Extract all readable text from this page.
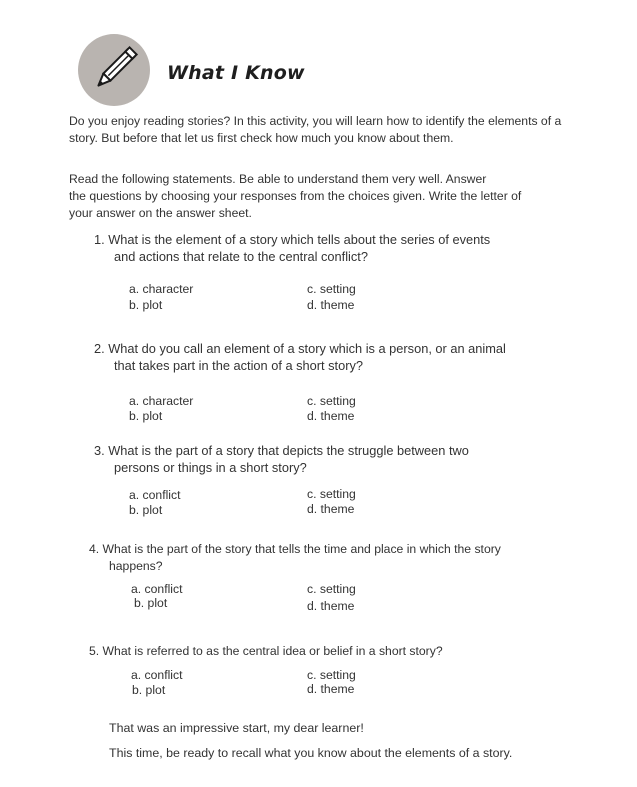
What I Know

Do you enjoy reading stories? In this activity, you will learn how to identify the elements of a
story. But before that let us first check how much you know about them.

Read the following statements. Be able to understand them very well. Answer
the questions by choosing your responses from the choices given. Write the letter of
your answer on the answer sheet.

1. What is the element of a story which tells about the series of events
and actions that relate to the central conflict?

a. character
b. plot
c. setting
d. theme

2. What do you call an element of a story which is a person, or an animal
that takes part in the action of a short story?

a. character
b. plot
c. setting
d. theme

3. What is the part of a story that depicts the struggle between two
persons or things in a short story?

a. conflict
b. plot
c. setting
d. theme

4. What is the part of the story that tells the time and place in which the story
happens?

a. conflict
b. plot
c. setting
d. theme

5. What is referred to as the central idea or belief in a short story?

a. conflict
b. plot
c. setting
d. theme

That was an impressive start, my dear learner!

This time, be ready to recall what you know about the elements of a story.
